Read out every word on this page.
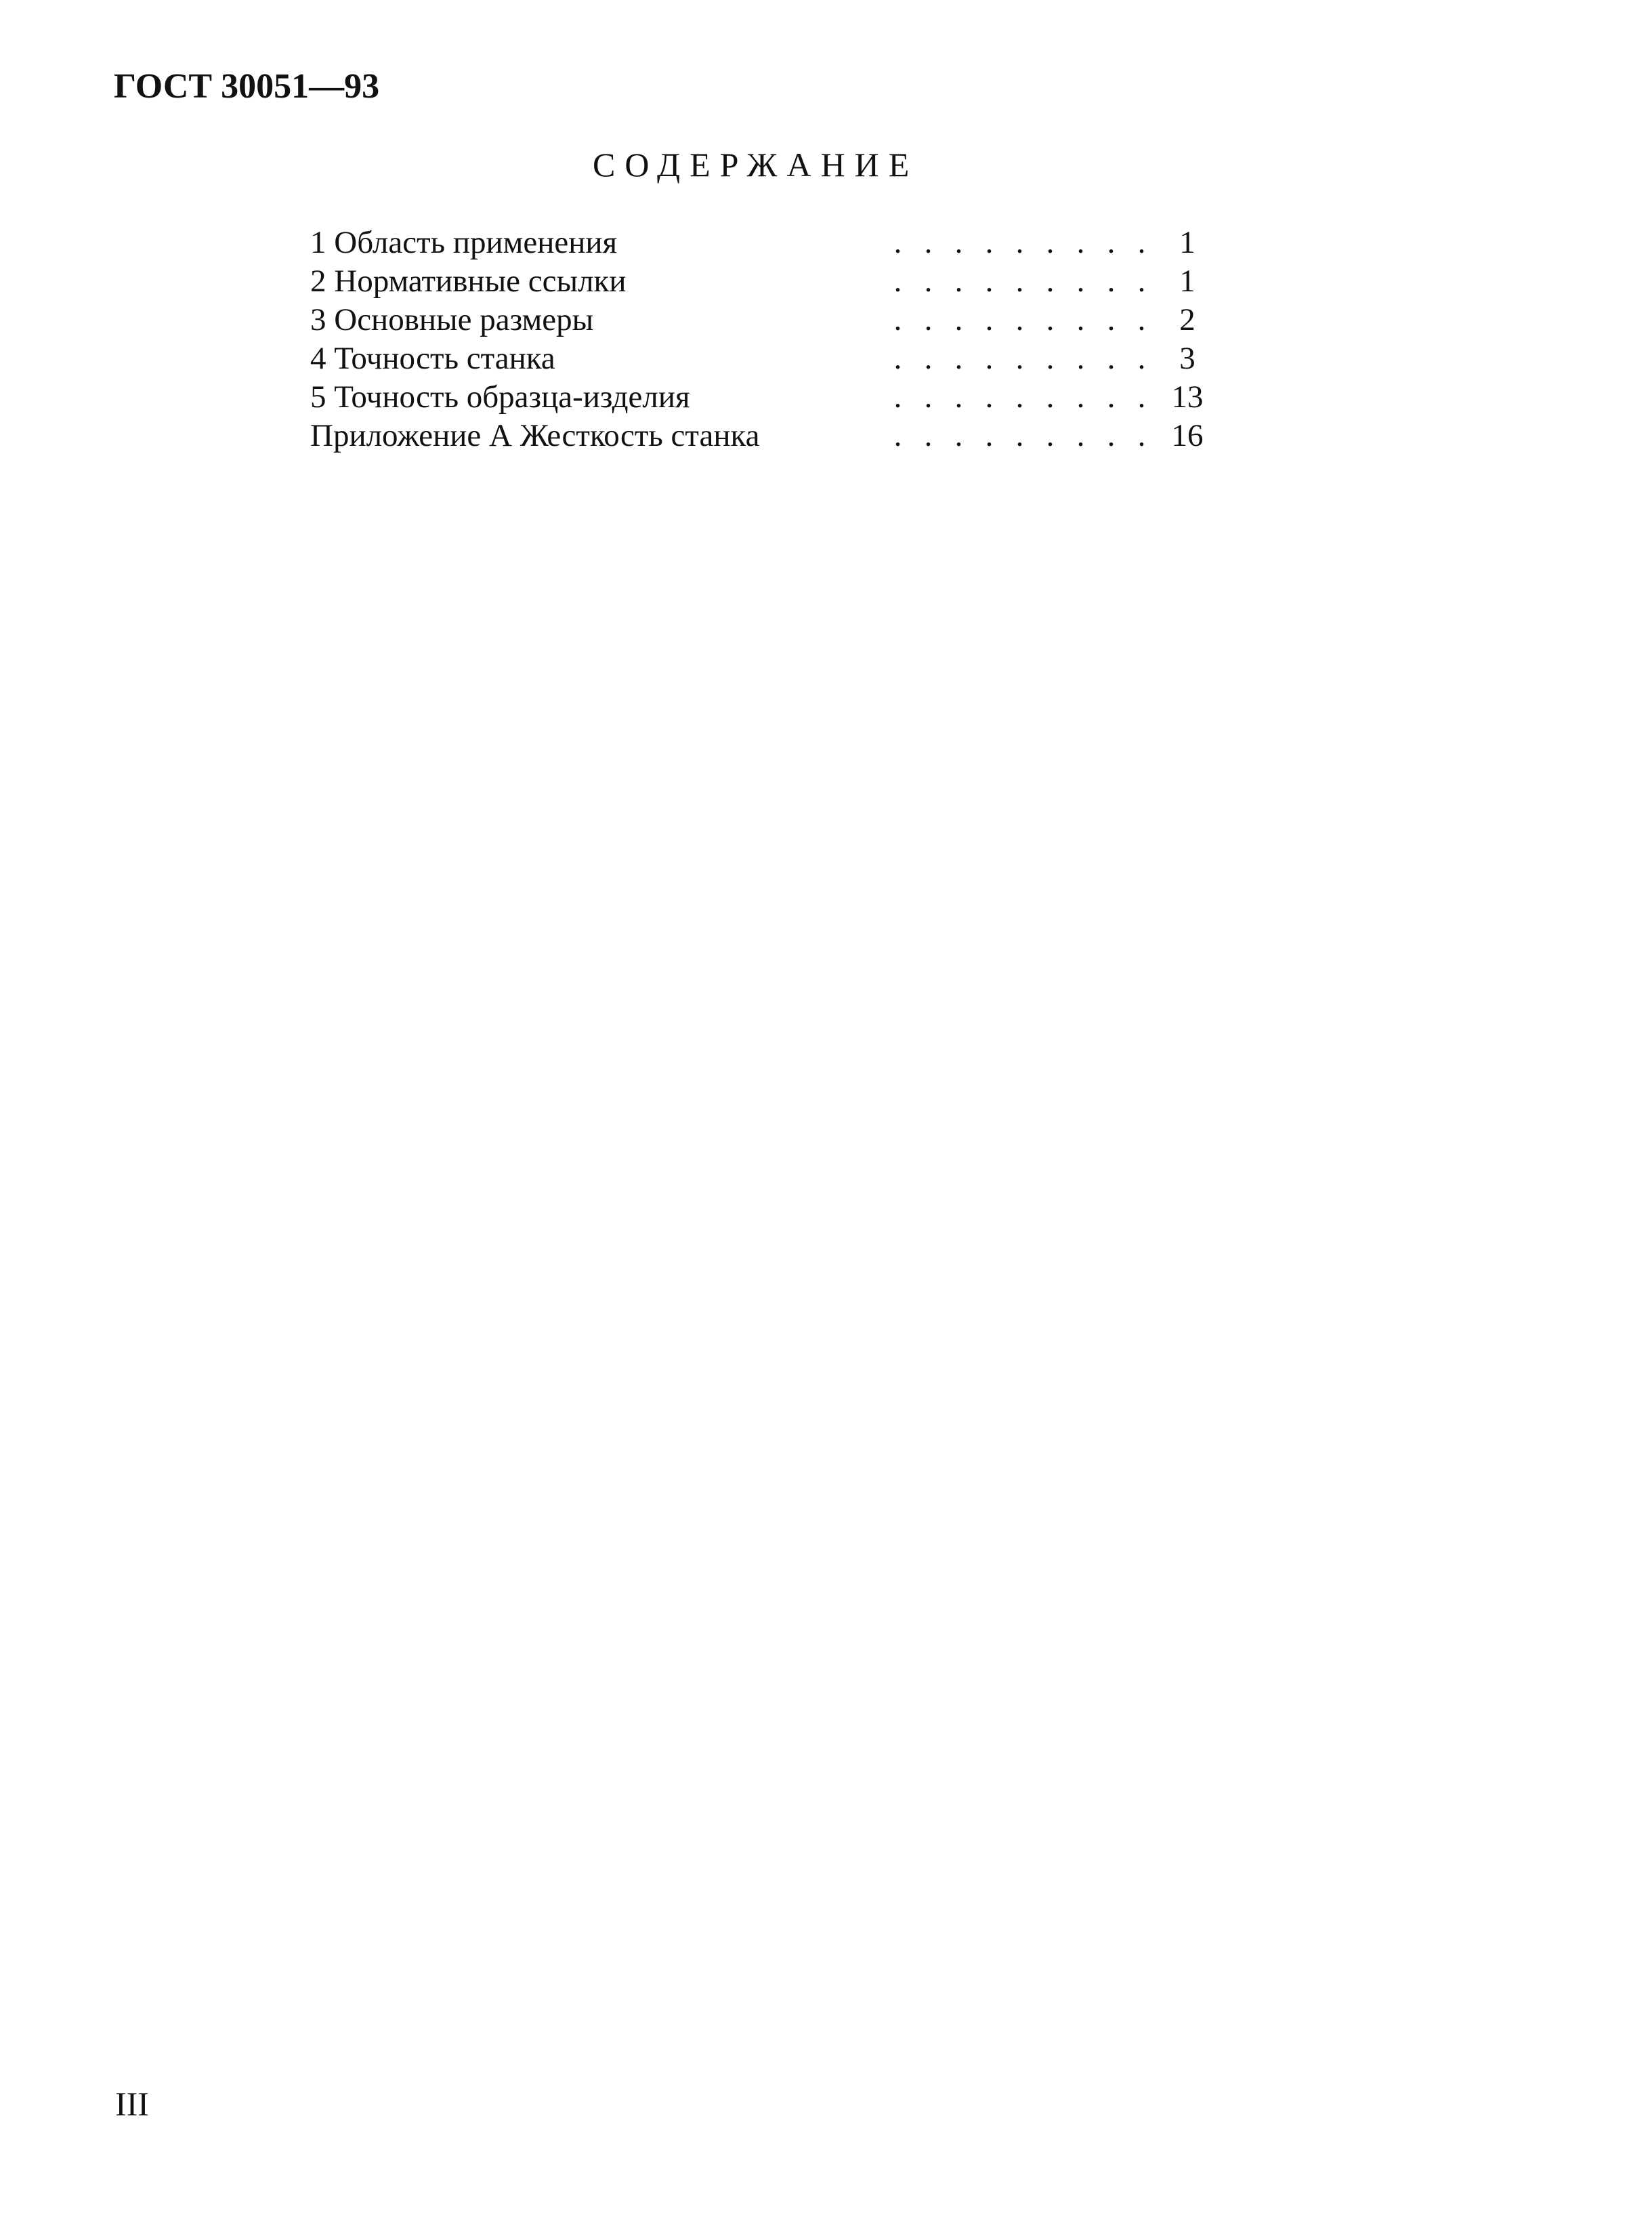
ГОСТ 30051—93
СОДЕРЖАНИЕ
1 Область применения	. . . . . . . . . 1
2 Нормативные ссылки	. . . . . . . . . 1
3 Основные размеры	. . . . . . . . . 2
4 Точность станка	. . . . . . . . . 3
5 Точность образца-изделия	. . . . . . . . . 13
Приложение А Жесткость станка	. . . . . . . . . 16
III
